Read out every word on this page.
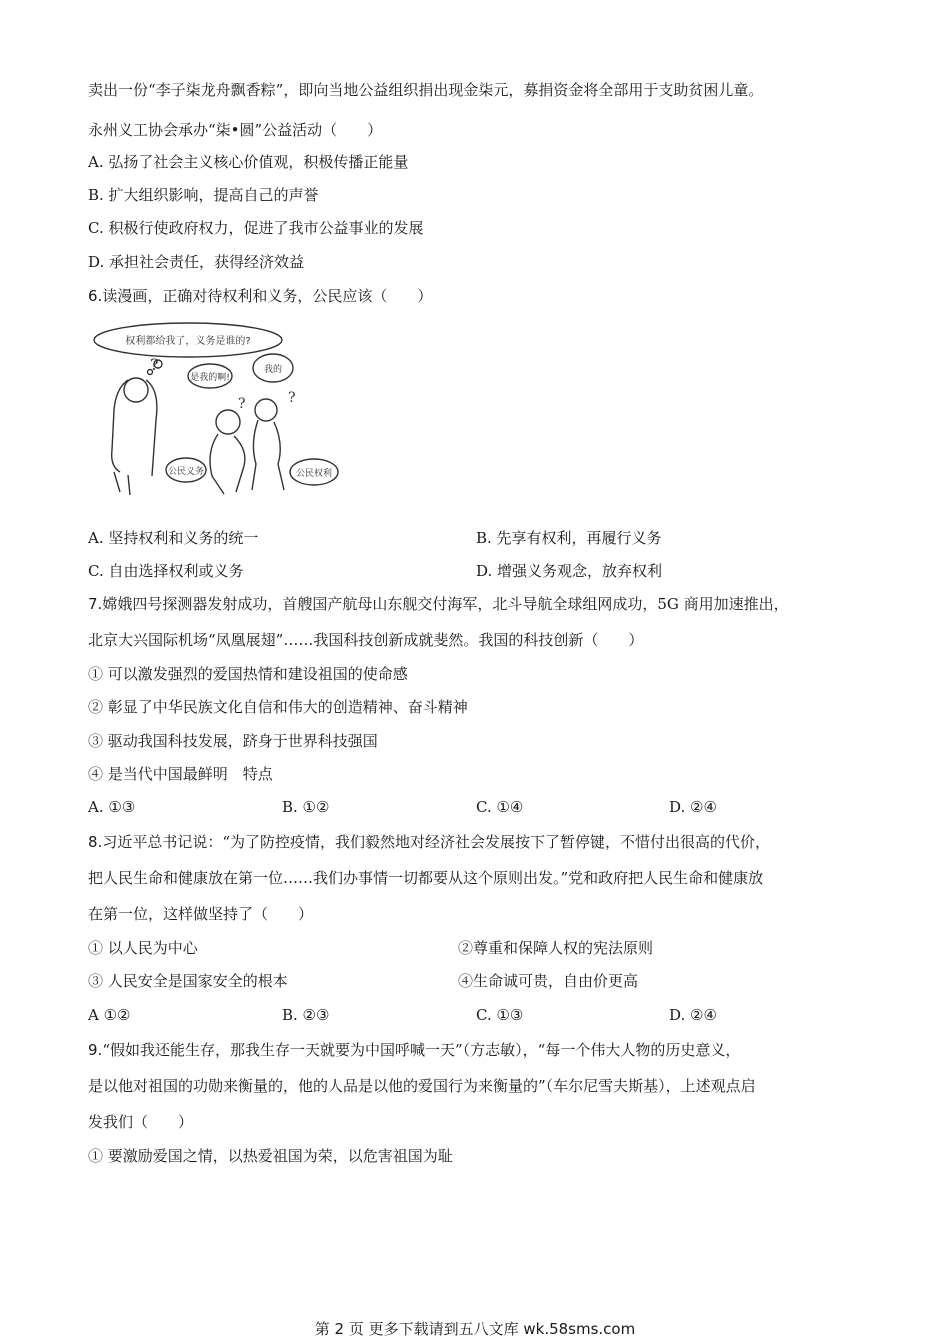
卖出一份“李子柒龙舟飘香粽”，即向当地公益组织捐出现金柒元，募捐资金将全部用于支助贫困儿童。
永州义工协会承办“柒•圆”公益活动（　　）
A. 弘扬了社会主义核心价值观，积极传播正能量
B. 扩大组织影响，提高自己的声誉
C. 积极行使政府权力，促进了我市公益事业的发展
D. 承担社会责任，获得经济效益
6.读漫画，正确对待权利和义务，公民应该（　　）
?
?	?
权利都给我了，义务是谁的?
是我的啊!
我的
公民义务	公民权利
A. 坚持权利和义务的统一	B. 先享有权利，再履行义务
C. 自由选择权利或义务	D. 增强义务观念，放弃权利
7.嫦娥四号探测器发射成功，首艘国产航母山东舰交付海军，北斗导航全球组网成功，5G 商用加速推出，
北京大兴国际机场“凤凰展翅”……我国科技创新成就斐然。我国的科技创新（　　）
① 可以激发强烈的爱国热情和建设祖国的使命感
② 彰显了中华民族文化自信和伟大的创造精神、奋斗精神
③ 驱动我国科技发展，跻身于世界科技强国
④ 是当代中国最鲜明　特点
A. ①③	B. ①②	C. ①④	D. ②④
8.习近平总书记说：“为了防控疫情，我们毅然地对经济社会发展按下了暂停键，不惜付出很高的代价，
把人民生命和健康放在第一位……我们办事情一切都要从这个原则出发。”党和政府把人民生命和健康放
在第一位，这样做坚持了（　　）
① 以人民为中心	②尊重和保障人权的宪法原则
③ 人民安全是国家安全的根本	④生命诚可贵，自由价更高
A ①②	B. ②③	C. ①③	D. ②④
9.“假如我还能生存，那我生存一天就要为中国呼喊一天”（方志敏），“每一个伟大人物的历史意义，
是以他对祖国的功勋来衡量的，他的人品是以他的爱国行为来衡量的”（车尔尼雪夫斯基），上述观点启
发我们（　　）
① 要激励爱国之情，以热爱祖国为荣，以危害祖国为耻
第 2 页 更多下载请到五八文库 wk.58sms.com
